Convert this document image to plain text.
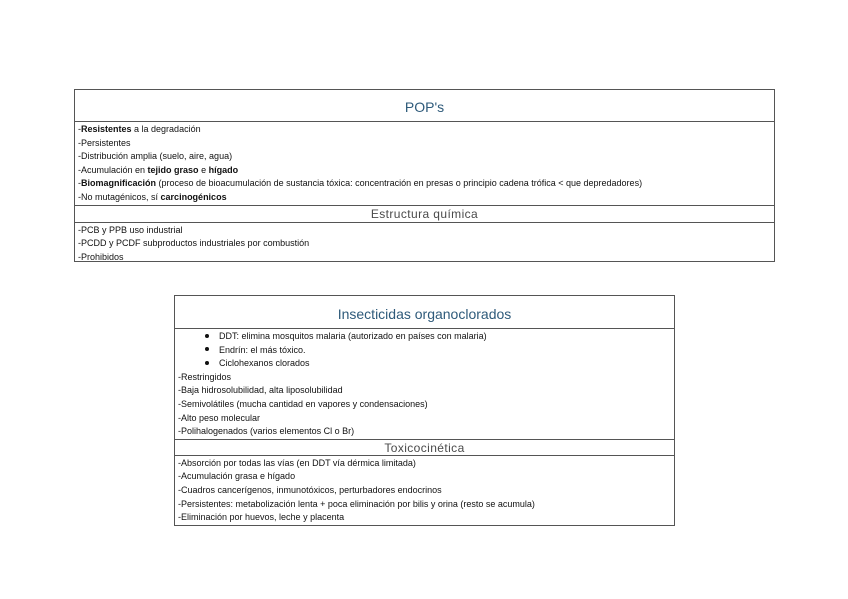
POP's
-Resistentes a la degradación
-Persistentes
-Distribución amplia (suelo, aire, agua)
-Acumulación en tejido graso e hígado
-Biomagnificación (proceso de bioacumulación de sustancia tóxica: concentración en presas o principio cadena trófica < que depredadores)
-No mutagénicos, sí carcinogénicos
Estructura química
-PCB y PPB uso industrial
-PCDD y PCDF subproductos industriales por combustión
-Prohibidos
Insecticidas organoclorados
DDT: elimina mosquitos malaria (autorizado en países con malaria)
Endrín: el más tóxico.
Ciclohexanos clorados
-Restringidos
-Baja hidrosolubilidad, alta liposolubilidad
-Semivolátiles (mucha cantidad en vapores y condensaciones)
-Alto peso molecular
-Polihalogenados (varios elementos Cl o Br)
Toxicocinética
-Absorción por todas las vías (en DDT vía dérmica limitada)
-Acumulación grasa e hígado
-Cuadros cancerígenos, inmunotóxicos, perturbadores endocrinos
-Persistentes: metabolización lenta + poca eliminación por bilis y orina (resto se acumula)
-Eliminación por huevos, leche y placenta
